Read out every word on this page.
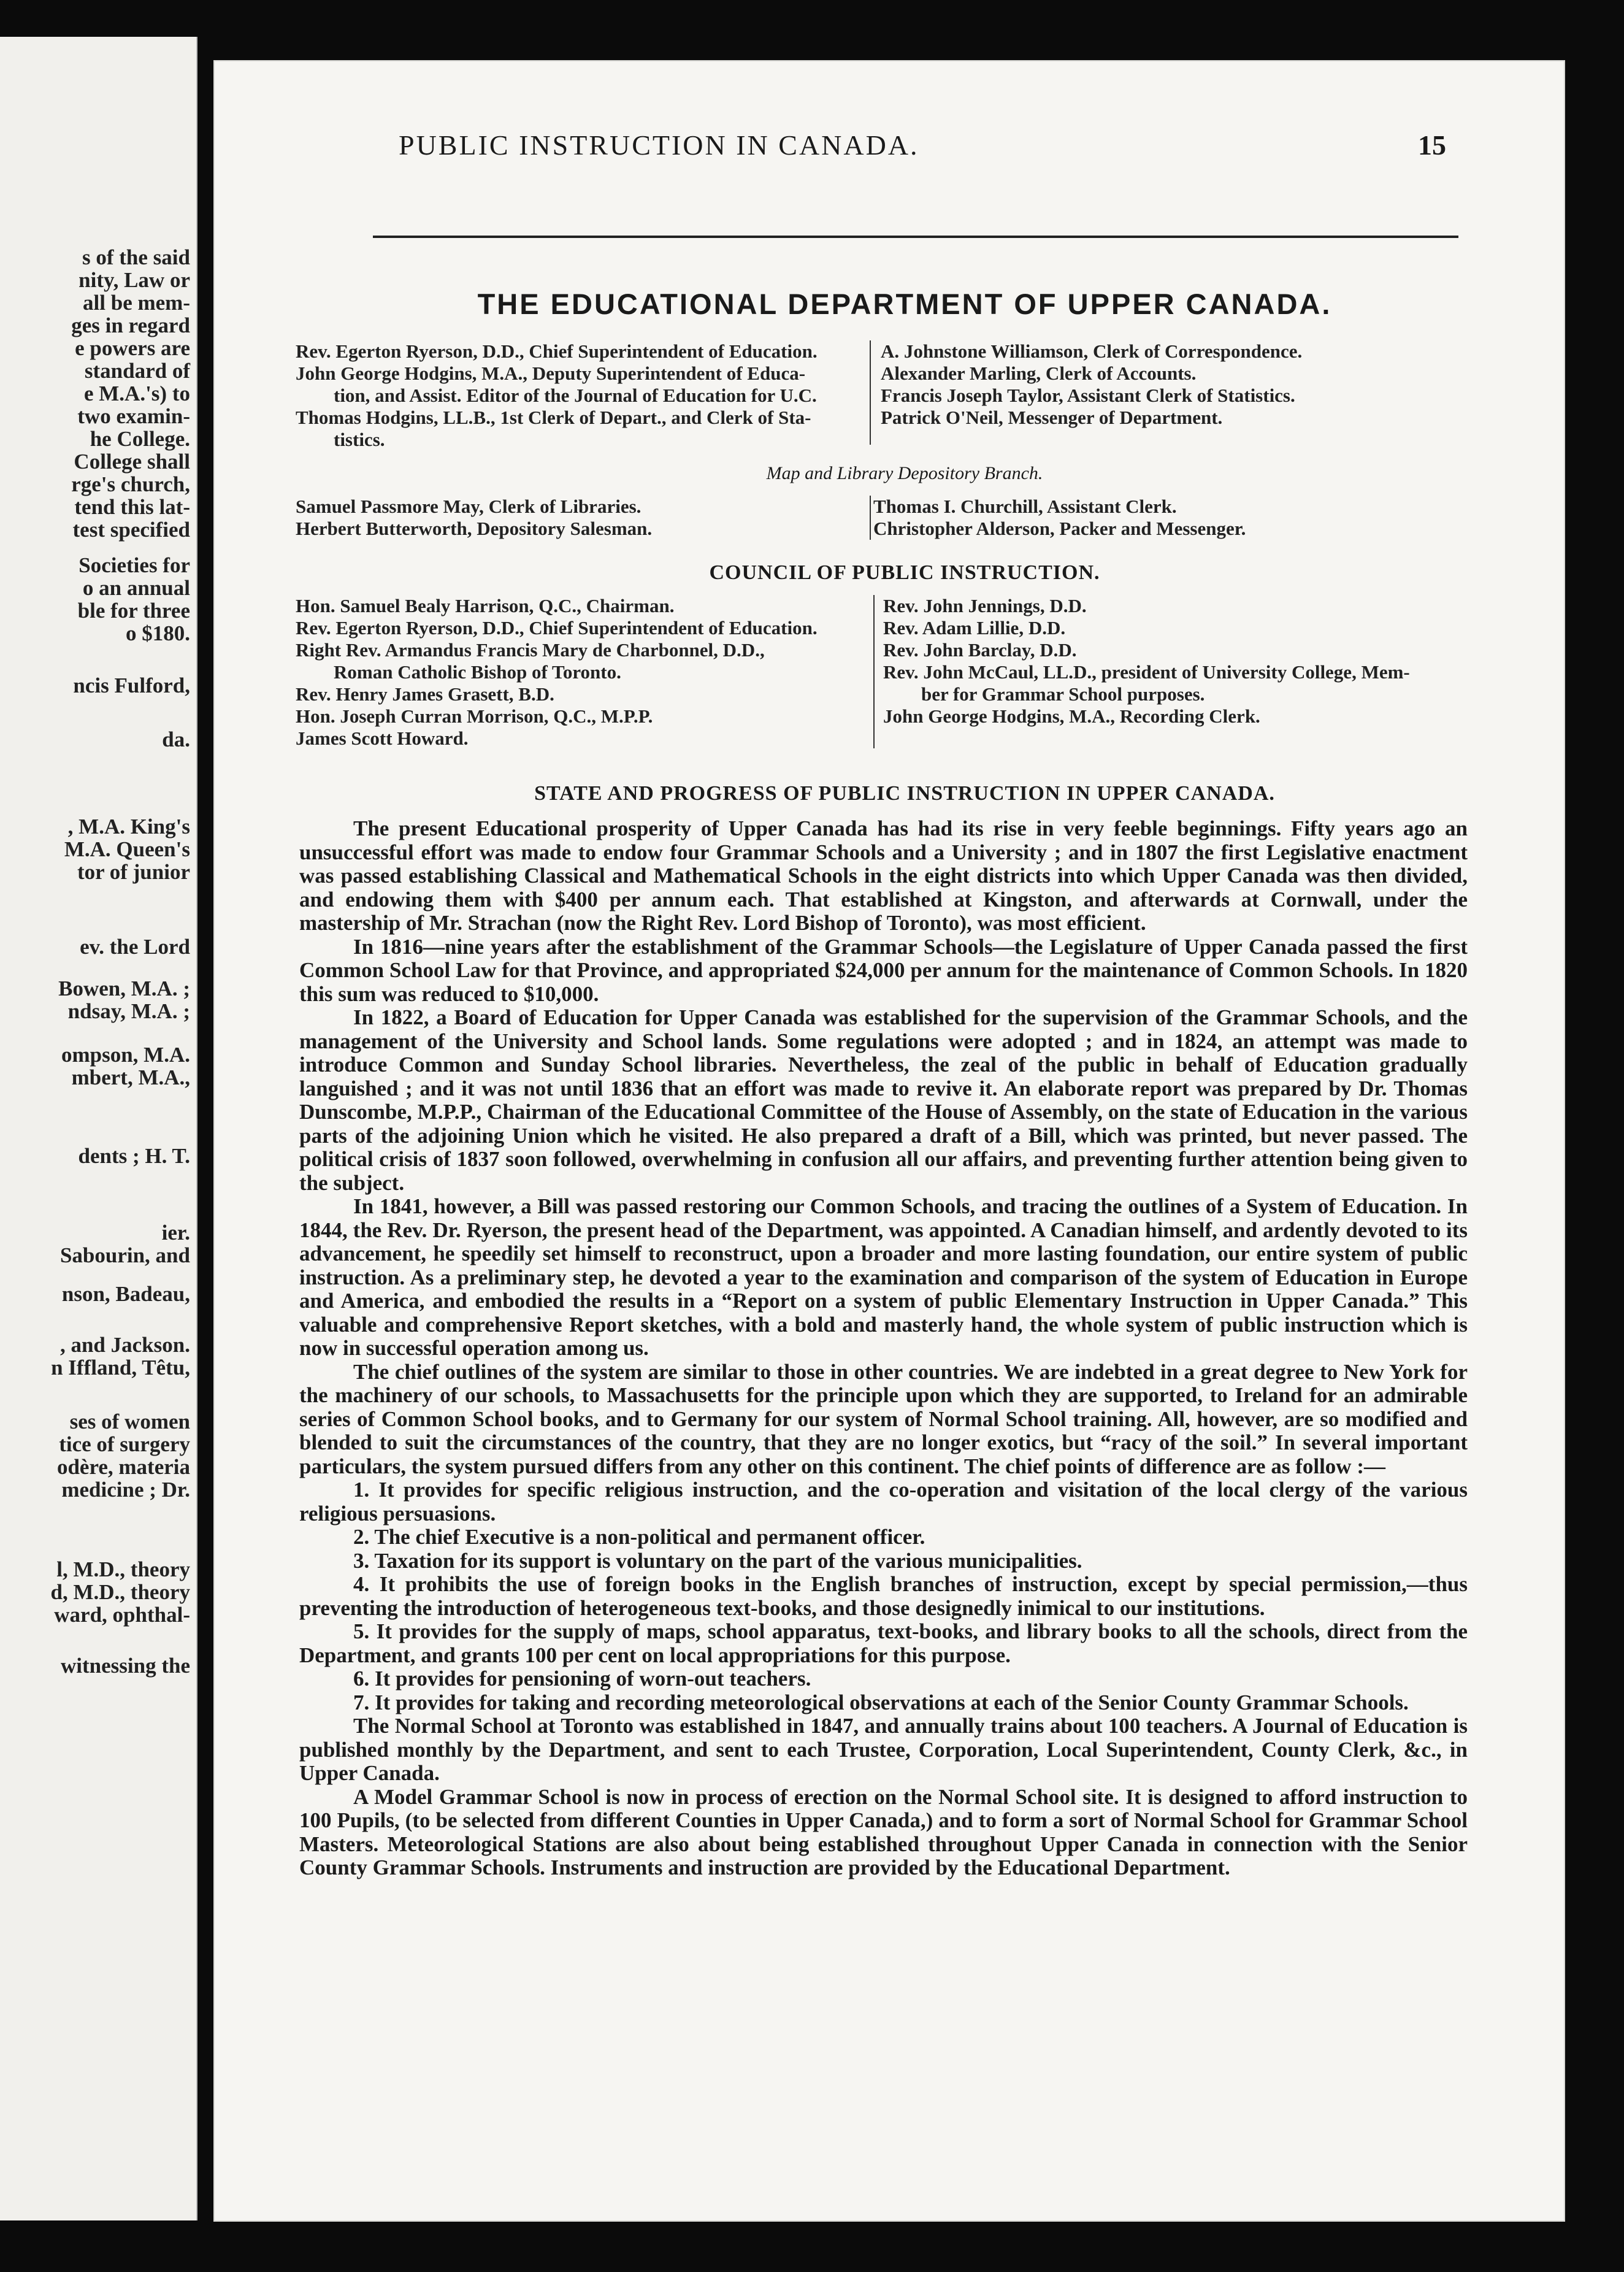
s of the said
nity, Law or
all be mem-
ges in regard
e powers are
standard of
e M.A.'s) to
two examin-
he College.
College shall
rge's church,
tend this lat-
test specified
Societies for
o an annual
ble for three
o $180.
ncis Fulford,
da.
, M.A. King's
M.A. Queen's
tor of junior
ev. the Lord
Bowen, M.A. ;
ndsay, M.A. ;
ompson, M.A.
mbert, M.A.,
dents ; H. T.
ier.
Sabourin, and
nson, Badeau,
, and Jackson.
n Iffland, Têtu,
ses of women
tice of surgery
odère, materia
medicine ; Dr.
l, M.D., theory
d, M.D., theory
ward, ophthal-
witnessing the
PUBLIC INSTRUCTION IN CANADA.	15
THE EDUCATIONAL DEPARTMENT OF UPPER CANADA.
Rev. Egerton Ryerson, D.D., Chief Superintendent of Education.
John George Hodgins, M.A., Deputy Superintendent of Educa-
tion, and Assist. Editor of the Journal of Education for U.C.
Thomas Hodgins, LL.B., 1st Clerk of Depart., and Clerk of Sta-
tistics.
A. Johnstone Williamson, Clerk of Correspondence.
Alexander Marling, Clerk of Accounts.
Francis Joseph Taylor, Assistant Clerk of Statistics.
Patrick O'Neil, Messenger of Department.
Map and Library Depository Branch.
Samuel Passmore May, Clerk of Libraries.
Herbert Butterworth, Depository Salesman.
Thomas I. Churchill, Assistant Clerk.
Christopher Alderson, Packer and Messenger.
COUNCIL OF PUBLIC INSTRUCTION.
Hon. Samuel Bealy Harrison, Q.C., Chairman.
Rev. Egerton Ryerson, D.D., Chief Superintendent of Education.
Right Rev. Armandus Francis Mary de Charbonnel, D.D.,
Roman Catholic Bishop of Toronto.
Rev. Henry James Grasett, B.D.
Hon. Joseph Curran Morrison, Q.C., M.P.P.
James Scott Howard.
Rev. John Jennings, D.D.
Rev. Adam Lillie, D.D.
Rev. John Barclay, D.D.
Rev. John McCaul, LL.D., president of University College, Mem-
ber for Grammar School purposes.
John George Hodgins, M.A., Recording Clerk.
STATE AND PROGRESS OF PUBLIC INSTRUCTION IN UPPER CANADA.

The present Educational prosperity of Upper Canada has had its rise in very feeble beginnings. Fifty years ago an unsuccessful effort was made to endow four Grammar Schools and a University ; and in 1807 the first Legislative enactment was passed establishing Classical and Mathematical Schools in the eight districts into which Upper Canada was then divided, and endowing them with $400 per annum each. That established at Kingston, and afterwards at Cornwall, under the mastership of Mr. Strachan (now the Right Rev. Lord Bishop of Toronto), was most efficient.

In 1816—nine years after the establishment of the Grammar Schools—the Legislature of Upper Canada passed the first Common School Law for that Province, and appropriated $24,000 per annum for the maintenance of Common Schools. In 1820 this sum was reduced to $10,000.

In 1822, a Board of Education for Upper Canada was established for the supervision of the Grammar Schools, and the management of the University and School lands. Some regulations were adopted ; and in 1824, an attempt was made to introduce Common and Sunday School libraries. Nevertheless, the zeal of the public in behalf of Education gradually languished ; and it was not until 1836 that an effort was made to revive it. An elaborate report was prepared by Dr. Thomas Dunscombe, M.P.P., Chairman of the Educational Committee of the House of Assembly, on the state of Education in the various parts of the adjoining Union which he visited. He also prepared a draft of a Bill, which was printed, but never passed. The political crisis of 1837 soon followed, overwhelming in confusion all our affairs, and preventing further attention being given to the subject.

In 1841, however, a Bill was passed restoring our Common Schools, and tracing the outlines of a System of Education. In 1844, the Rev. Dr. Ryerson, the present head of the Department, was appointed. A Canadian himself, and ardently devoted to its advancement, he speedily set himself to reconstruct, upon a broader and more lasting foundation, our entire system of public instruction. As a preliminary step, he devoted a year to the examination and comparison of the system of Education in Europe and America, and embodied the results in a “Report on a system of public Elementary Instruction in Upper Canada.” This valuable and comprehensive Report sketches, with a bold and masterly hand, the whole system of public instruction which is now in successful operation among us.

The chief outlines of the system are similar to those in other countries. We are indebted in a great degree to New York for the machinery of our schools, to Massachusetts for the principle upon which they are supported, to Ireland for an admirable series of Common School books, and to Germany for our system of Normal School training. All, however, are so modified and blended to suit the circumstances of the country, that they are no longer exotics, but “racy of the soil.” In several important particulars, the system pursued differs from any other on this continent. The chief points of difference are as follow :—

1. It provides for specific religious instruction, and the co-operation and visitation of the local clergy of the various religious persuasions.

2. The chief Executive is a non-political and permanent officer.

3. Taxation for its support is voluntary on the part of the various municipalities.

4. It prohibits the use of foreign books in the English branches of instruction, except by special permission,—thus preventing the introduction of heterogeneous text-books, and those designedly inimical to our institutions.

5. It provides for the supply of maps, school apparatus, text-books, and library books to all the schools, direct from the Department, and grants 100 per cent on local appropriations for this purpose.

6. It provides for pensioning of worn-out teachers.

7. It provides for taking and recording meteorological observations at each of the Senior County Grammar Schools.

The Normal School at Toronto was established in 1847, and annually trains about 100 teachers. A Journal of Education is published monthly by the Department, and sent to each Trustee, Corporation, Local Superintendent, County Clerk, &c., in Upper Canada.

A Model Grammar School is now in process of erection on the Normal School site. It is designed to afford instruction to 100 Pupils, (to be selected from different Counties in Upper Canada,) and to form a sort of Normal School for Grammar School Masters. Meteorological Stations are also about being established throughout Upper Canada in connection with the Senior County Grammar Schools. Instruments and instruction are provided by the Educational Department.
